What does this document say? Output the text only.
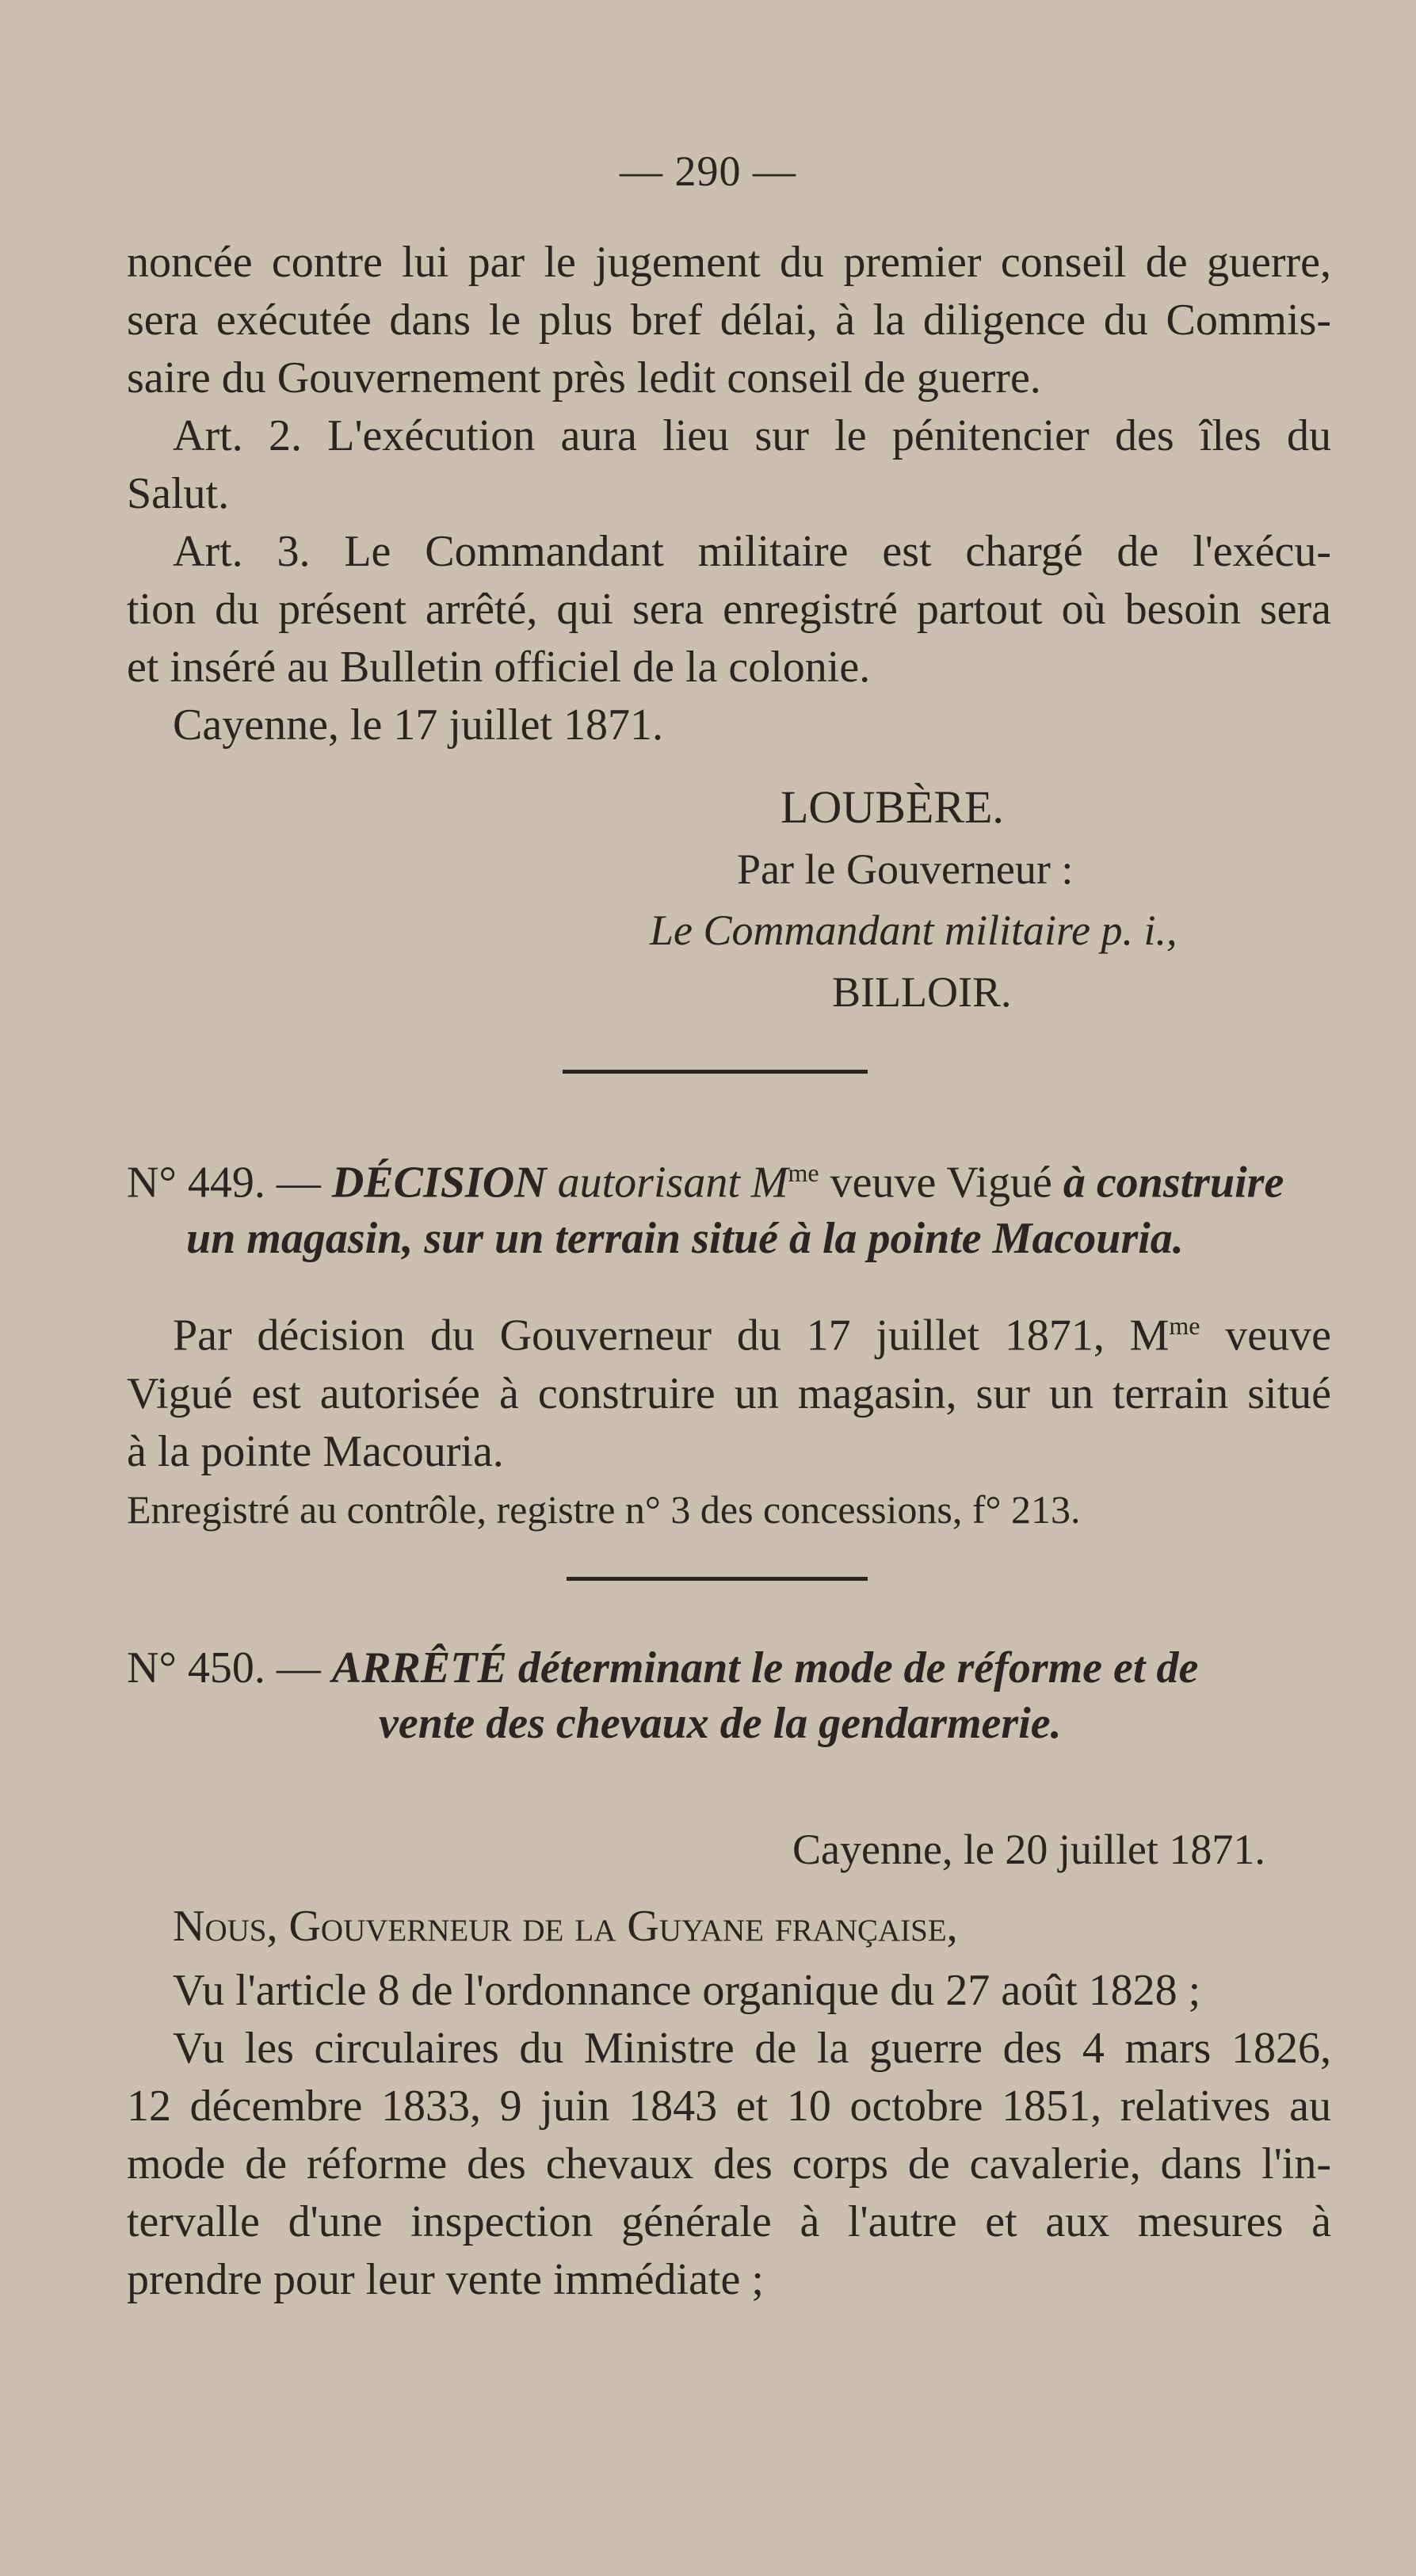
— 290 —

noncée contre lui par le jugement du premier conseil de guerre,

sera exécutée dans le plus bref délai, à la diligence du Commis-

saire du Gouvernement près ledit conseil de guerre.

Art. 2. L'exécution aura lieu sur le pénitencier des îles du

Salut.

Art. 3. Le Commandant militaire est chargé de l'exécu-

tion du présent arrêté, qui sera enregistré partout où besoin sera

et inséré au Bulletin officiel de la colonie.

Cayenne, le 17 juillet 1871.

LOUBÈRE.
Par le Gouverneur :
Le Commandant militaire p. i.,
BILLOIR.
N° 449. — DÉCISION autorisant $M^{me}$ veuve Vigué à construire
un magasin, sur un terrain situé à la pointe Macouria.

Par décision du Gouverneur du 17 juillet 1871, $M^{me}$ veuve

Vigué est autorisée à construire un magasin, sur un terrain situé

à la pointe Macouria.

Enregistré au contrôle, registre n° 3 des concessions, f° 213.
N° 450. — ARRÊTÉ déterminant le mode de réforme et de
vente des chevaux de la gendarmerie.
Cayenne, le 20 juillet 1871.

Nous, Gouverneur de la Guyane française,

Vu l'article 8 de l'ordonnance organique du 27 août 1828 ;

Vu les circulaires du Ministre de la guerre des 4 mars 1826,

12 décembre 1833, 9 juin 1843 et 10 octobre 1851, relatives au

mode de réforme des chevaux des corps de cavalerie, dans l'in-

tervalle d'une inspection générale à l'autre et aux mesures à

prendre pour leur vente immédiate ;
